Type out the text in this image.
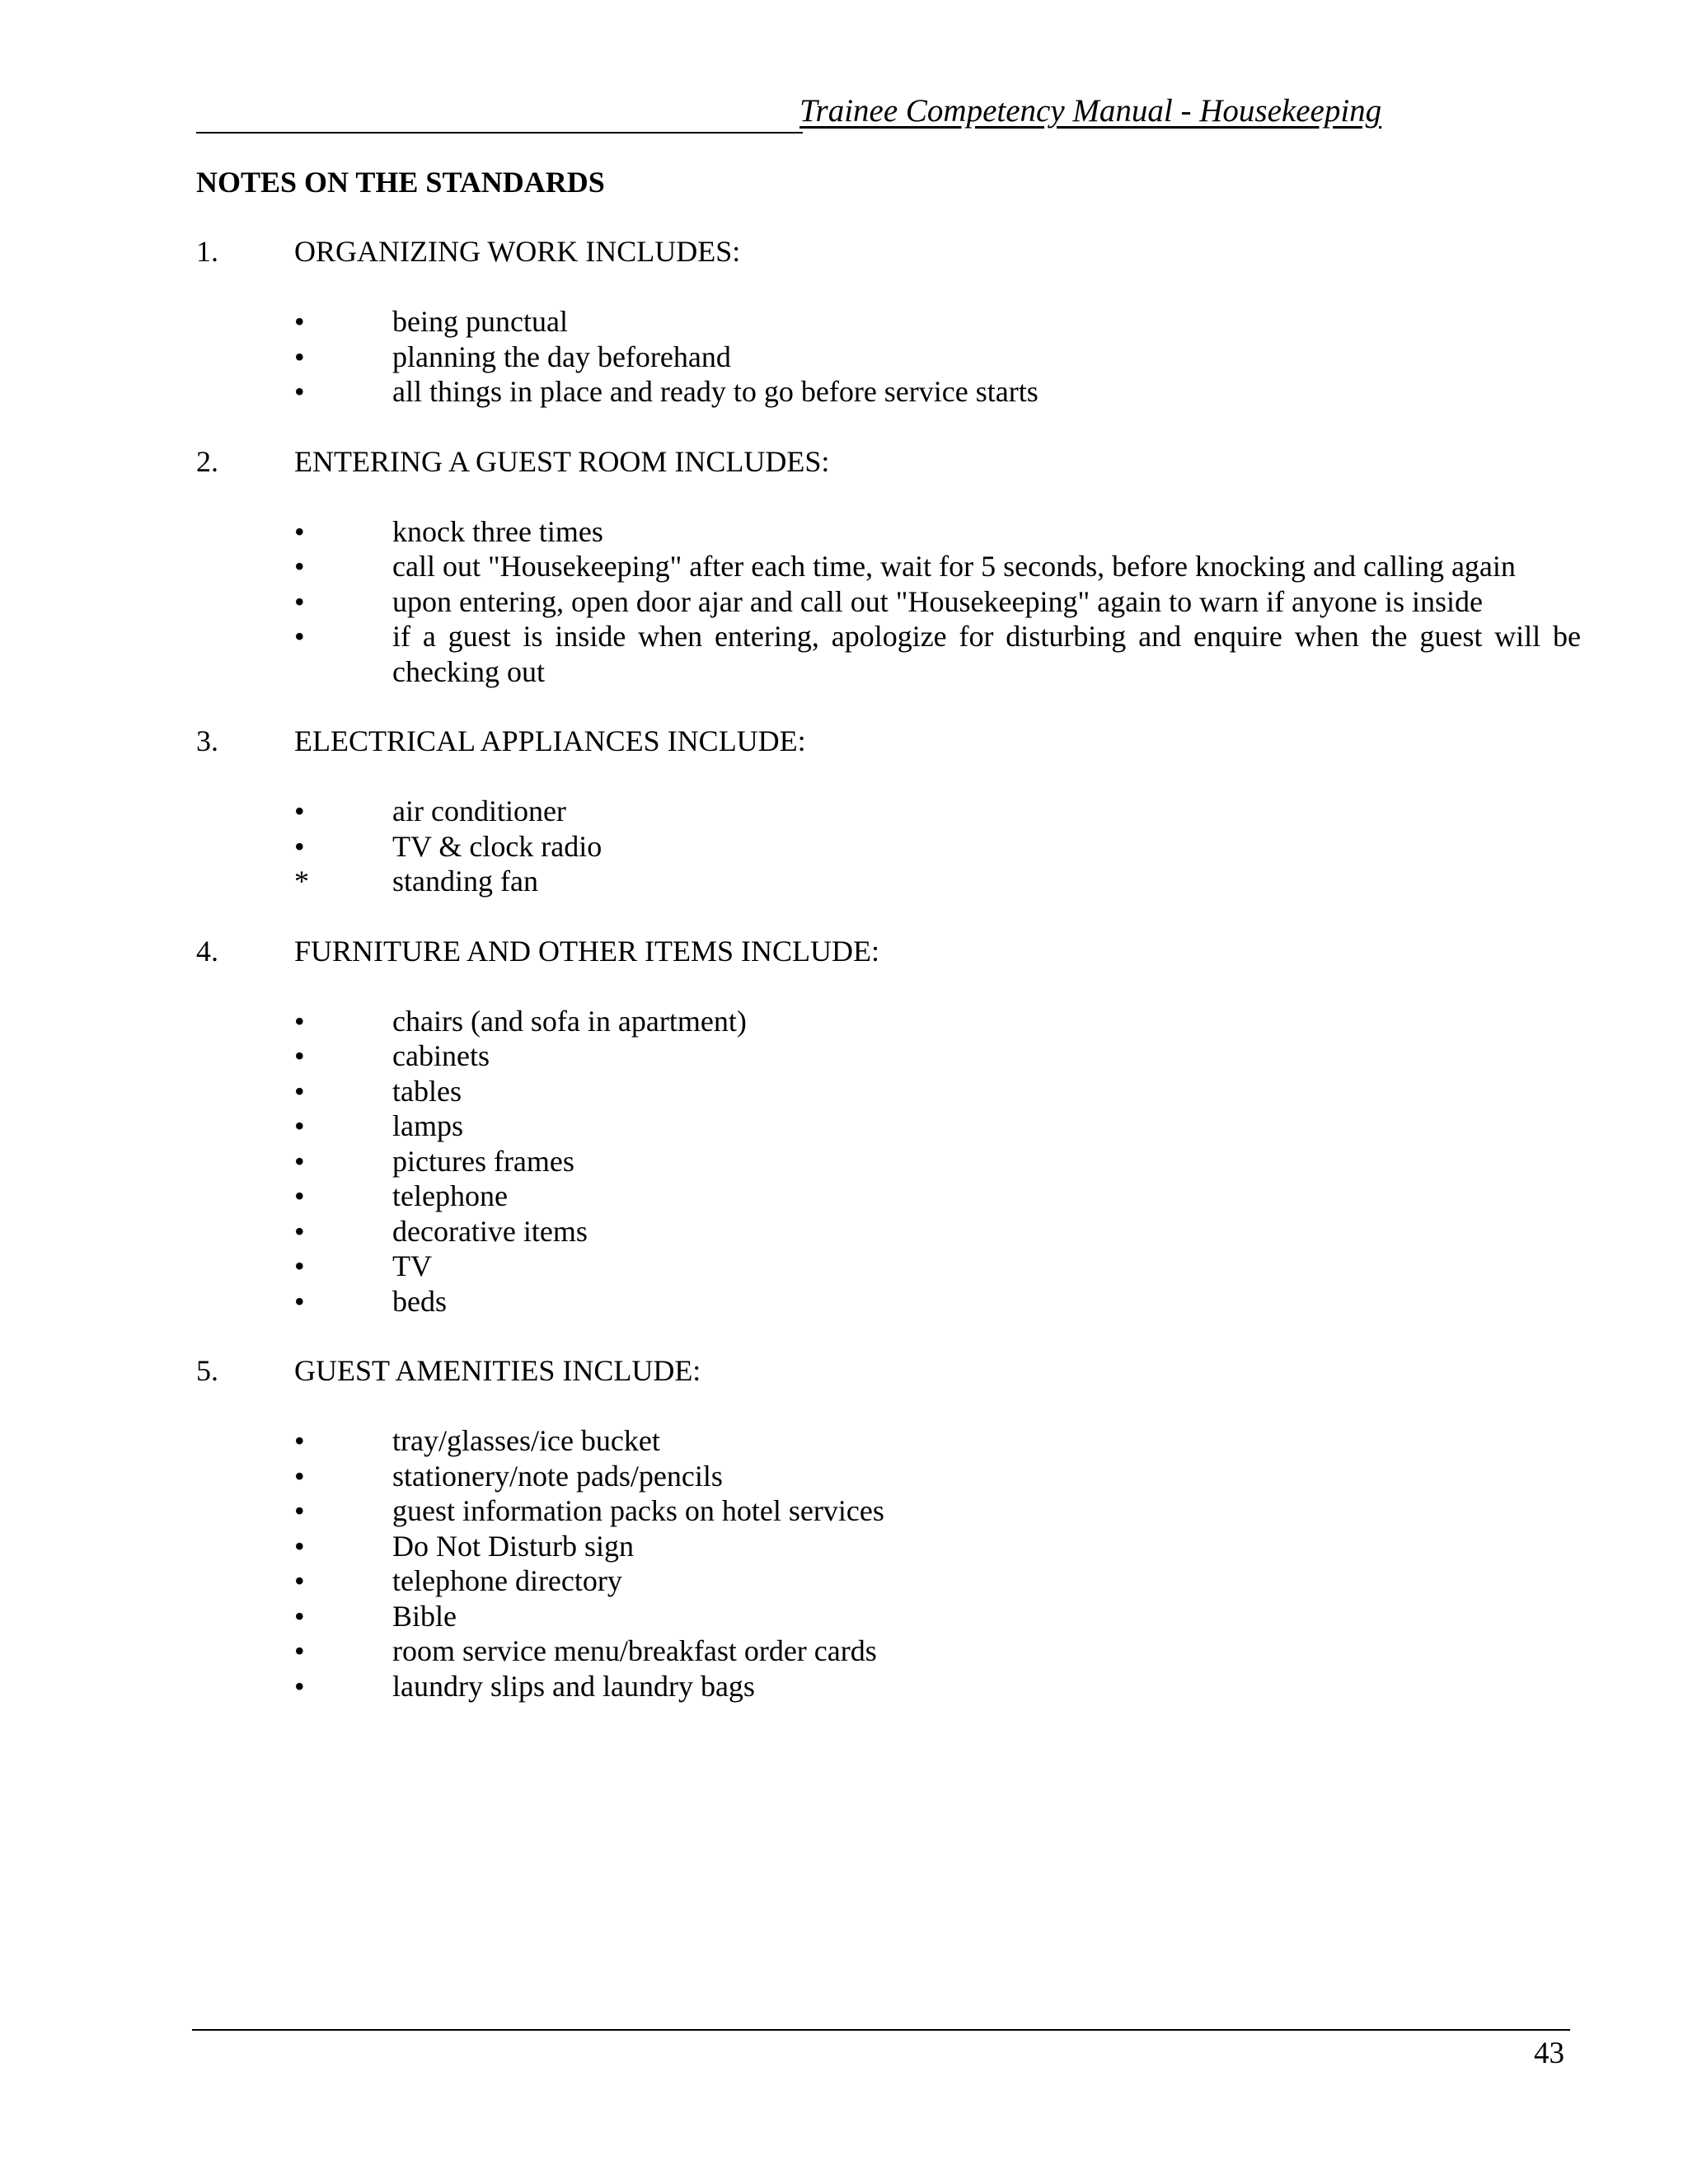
Trainee Competency Manual - Housekeeping
NOTES ON THE STANDARDS
1.	ORGANIZING WORK INCLUDES:
•	being punctual
•	planning the day beforehand
•	all things in place and ready to go before service starts
2.	ENTERING A GUEST ROOM INCLUDES:
•	knock three times
•	call out "Housekeeping" after each time, wait for 5 seconds, before knocking and calling again
•	upon entering, open door ajar and call out "Housekeeping" again to warn if anyone is inside
•	if a guest is inside when entering, apologize for disturbing and enquire when the guest will be checking out
3.	ELECTRICAL APPLIANCES INCLUDE:
•	air conditioner
•	TV & clock radio
*	standing fan
4.	FURNITURE AND OTHER ITEMS INCLUDE:
•	chairs (and sofa in apartment)
•	cabinets
•	tables
•	lamps
•	pictures frames
•	telephone
•	decorative items
•	TV
•	beds
5.	GUEST AMENITIES INCLUDE:
•	tray/glasses/ice bucket
•	stationery/note pads/pencils
•	guest information packs on hotel services
•	Do Not Disturb sign
•	telephone directory
•	Bible
•	room service menu/breakfast order cards
•	laundry slips and laundry bags
43
